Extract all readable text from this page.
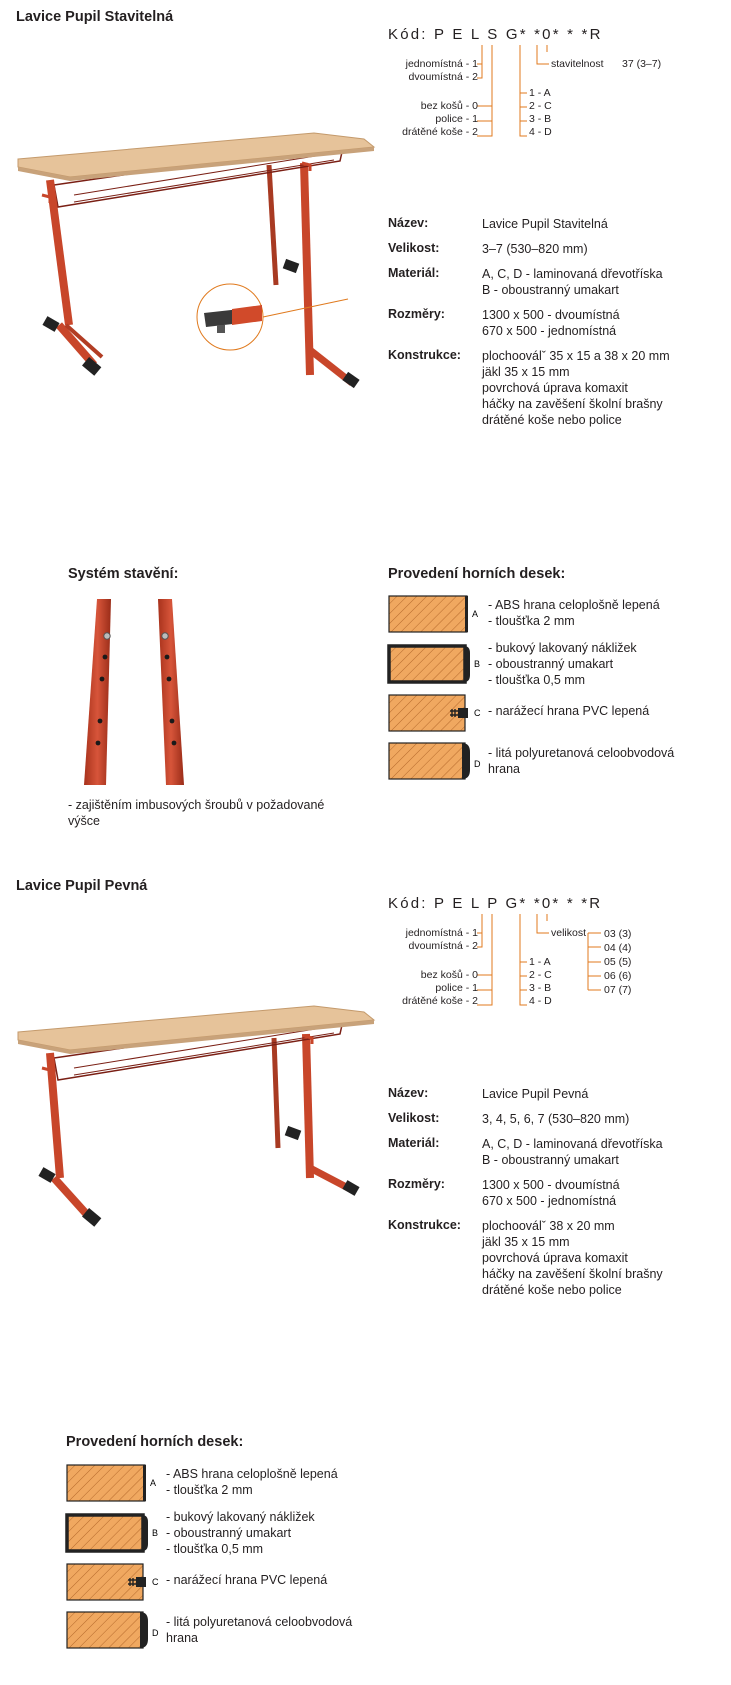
Lavice Pupil Stavitelná
Kód: P E L S G* *0* * *R
jednomístná - 1
dvoumístná - 2
bez košů - 0
police - 1
drátěné koše - 2
1 - A
2 - C
3 - B
4 - D
stavitelnost 37 (3–7)
Název:	Lavice Pupil Stavitelná
Velikost:	3–7 (530–820 mm)
Materiál:	A, C, D - laminovaná dřevotříska
B - oboustranný umakart
Rozměry:	1300 x 500 - dvoumístná
670 x 500 - jednomístná
Konstrukce:	plochooválˇ 35 x 15 a 38 x 20 mm
jäkl 35 x 15 mm
povrchová úprava komaxit
háčky na zavěšení školní brašny
drátěné koše nebo police
Systém stavění:
- zajištěním imbusových šroubů v požadované
výšce
Provedení horních desek:
A
- ABS hrana celoplošně lepená
- tloušťka 2 mm
B
- bukový lakovaný nákližek
- oboustranný umakart
- tloušťka 0,5 mm
C - narážecí hrana PVC lepená
D
- litá polyuretanová celoobvodová
hrana
Lavice Pupil Pevná
Kód: P E L P G* *0* * *R
jednomístná - 1
dvoumístná - 2
bez košů - 0
police - 1
drátěné koše - 2
1 - A
2 - C
3 - B
4 - D
velikost 03 (3)
04 (4)
05 (5)
06 (6)
07 (7)
Název:	Lavice Pupil Pevná
Velikost:	3, 4, 5, 6, 7 (530–820 mm)
Materiál:	A, C, D - laminovaná dřevotříska
B - oboustranný umakart
Rozměry:	1300 x 500 - dvoumístná
670 x 500 - jednomístná
Konstrukce:	plochooválˇ 38 x 20 mm
jäkl 35 x 15 mm
povrchová úprava komaxit
háčky na zavěšení školní brašny
drátěné koše nebo police
Provedení horních desek:
A
- ABS hrana celoplošně lepená
- tloušťka 2 mm
B
- bukový lakovaný nákližek
- oboustranný umakart
- tloušťka 0,5 mm
C - narážecí hrana PVC lepená
D
- litá polyuretanová celoobvodová
hrana
